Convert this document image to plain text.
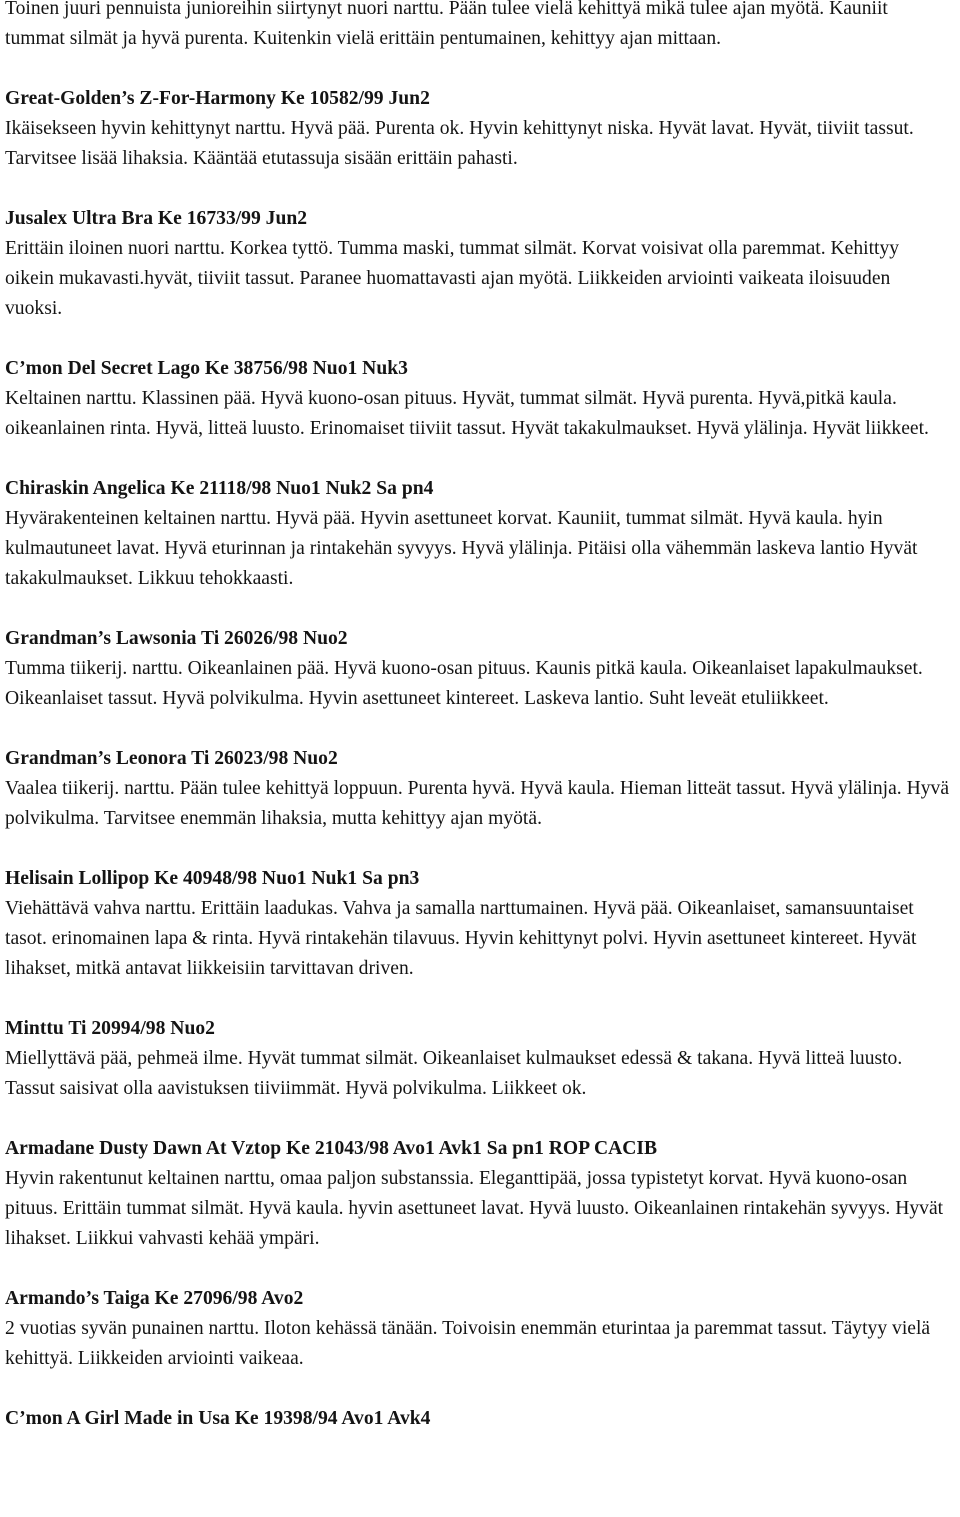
Toinen juuri pennuista junioreihin siirtynyt nuori narttu. Pään tulee vielä kehittyä mikä tulee ajan myötä. Kauniit tummat silmät ja hyvä purenta. Kuitenkin vielä erittäin pentumainen, kehittyy ajan mittaan.

Great-Golden’s Z-For-Harmony Ke 10582/99 Jun2

Ikäisekseen hyvin kehittynyt narttu. Hyvä pää. Purenta ok. Hyvin kehittynyt niska. Hyvät lavat. Hyvät, tiiviit tassut. Tarvitsee lisää lihaksia. Kääntää etutassuja sisään erittäin pahasti.

Jusalex Ultra Bra Ke 16733/99 Jun2

Erittäin iloinen nuori narttu. Korkea tyttö. Tumma maski, tummat silmät. Korvat voisivat olla paremmat. Kehittyy oikein mukavasti.hyvät, tiiviit tassut. Paranee huomattavasti ajan myötä. Liikkeiden arviointi vaikeata iloisuuden vuoksi.

C’mon Del Secret Lago Ke 38756/98 Nuo1 Nuk3

Keltainen narttu. Klassinen pää. Hyvä kuono-osan pituus. Hyvät, tummat silmät. Hyvä purenta. Hyvä,pitkä kaula. oikeanlainen rinta. Hyvä, litteä luusto. Erinomaiset tiiviit tassut. Hyvät takakulmaukset. Hyvä ylälinja. Hyvät liikkeet.

Chiraskin Angelica Ke 21118/98 Nuo1 Nuk2 Sa pn4

Hyvärakenteinen keltainen narttu. Hyvä pää. Hyvin asettuneet korvat. Kauniit, tummat silmät. Hyvä kaula. hyin kulmautuneet lavat. Hyvä eturinnan ja rintakehän syvyys. Hyvä ylälinja. Pitäisi olla vähemmän laskeva lantio Hyvät takakulmaukset. Likkuu tehokkaasti.

Grandman’s Lawsonia Ti 26026/98 Nuo2

Tumma tiikerij. narttu. Oikeanlainen pää. Hyvä kuono-osan pituus. Kaunis pitkä kaula. Oikeanlaiset lapakulmaukset. Oikeanlaiset tassut. Hyvä polvikulma. Hyvin asettuneet kintereet. Laskeva lantio. Suht leveät etuliikkeet.

Grandman’s Leonora Ti 26023/98 Nuo2

Vaalea tiikerij. narttu. Pään tulee kehittyä loppuun. Purenta hyvä. Hyvä kaula. Hieman litteät tassut. Hyvä ylälinja. Hyvä polvikulma. Tarvitsee enemmän lihaksia, mutta kehittyy ajan myötä.

Helisain Lollipop Ke 40948/98 Nuo1 Nuk1 Sa pn3

Viehättävä vahva narttu. Erittäin laadukas. Vahva ja samalla narttumainen. Hyvä pää. Oikeanlaiset, samansuuntaiset tasot. erinomainen lapa & rinta. Hyvä rintakehän tilavuus. Hyvin kehittynyt polvi. Hyvin asettuneet kintereet. Hyvät lihakset, mitkä antavat liikkeisiin tarvittavan driven.

Minttu Ti 20994/98 Nuo2

Miellyttävä pää, pehmeä ilme. Hyvät tummat silmät. Oikeanlaiset kulmaukset edessä & takana. Hyvä litteä luusto. Tassut saisivat olla aavistuksen tiiviimmät. Hyvä polvikulma. Liikkeet ok.

Armadane Dusty Dawn At Vztop Ke 21043/98 Avo1 Avk1 Sa pn1 ROP CACIB

Hyvin rakentunut keltainen narttu, omaa paljon substanssia. Eleganttipää, jossa typistetyt korvat. Hyvä kuono-osan pituus. Erittäin tummat silmät. Hyvä kaula. hyvin asettuneet lavat. Hyvä luusto. Oikeanlainen rintakehän syvyys. Hyvät lihakset. Liikkui vahvasti kehää ympäri.

Armando’s Taiga Ke 27096/98 Avo2

2 vuotias syvän punainen narttu. Iloton kehässä tänään. Toivoisin enemmän eturintaa ja paremmat tassut. Täytyy vielä kehittyä. Liikkeiden arviointi vaikeaa.

C’mon A Girl Made in Usa Ke 19398/94 Avo1 Avk4
